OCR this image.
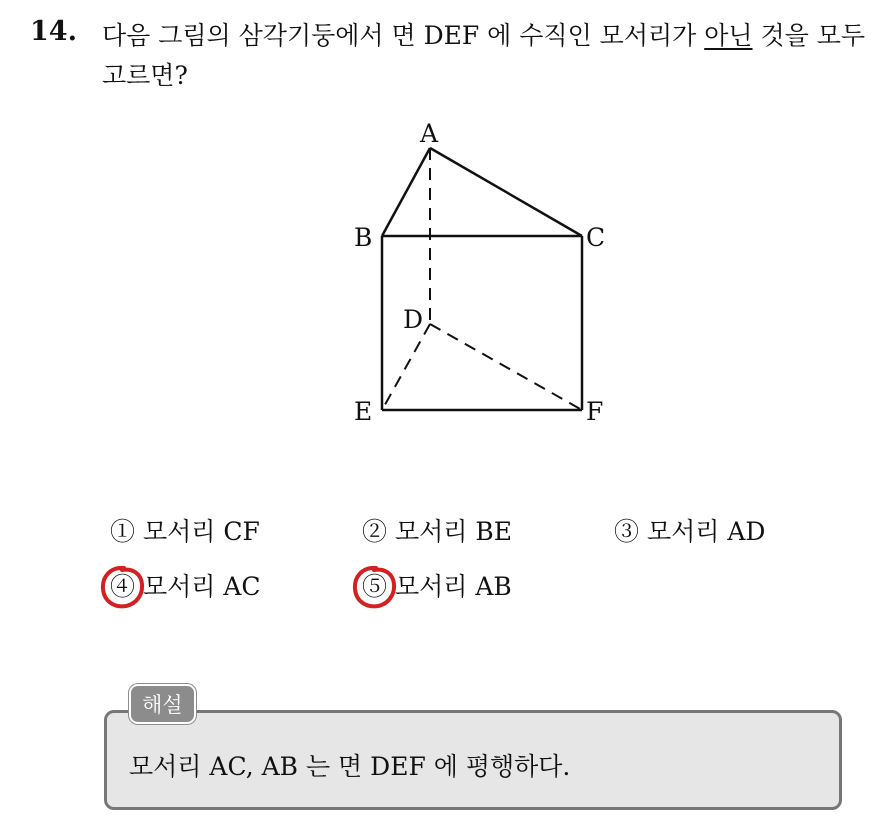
14. 다음 그림의 삼각기둥에서 면 DEF 에 수직인 모서리가 아닌 것을 모두 고르면?
A
B	C
D
E	F
① 모서리 CF	② 모서리 BE	③ 모서리 AD
④ 모서리 AC	⑤ 모서리 AB
해설
모서리 AC, AB 는 면 DEF 에 평행하다.
